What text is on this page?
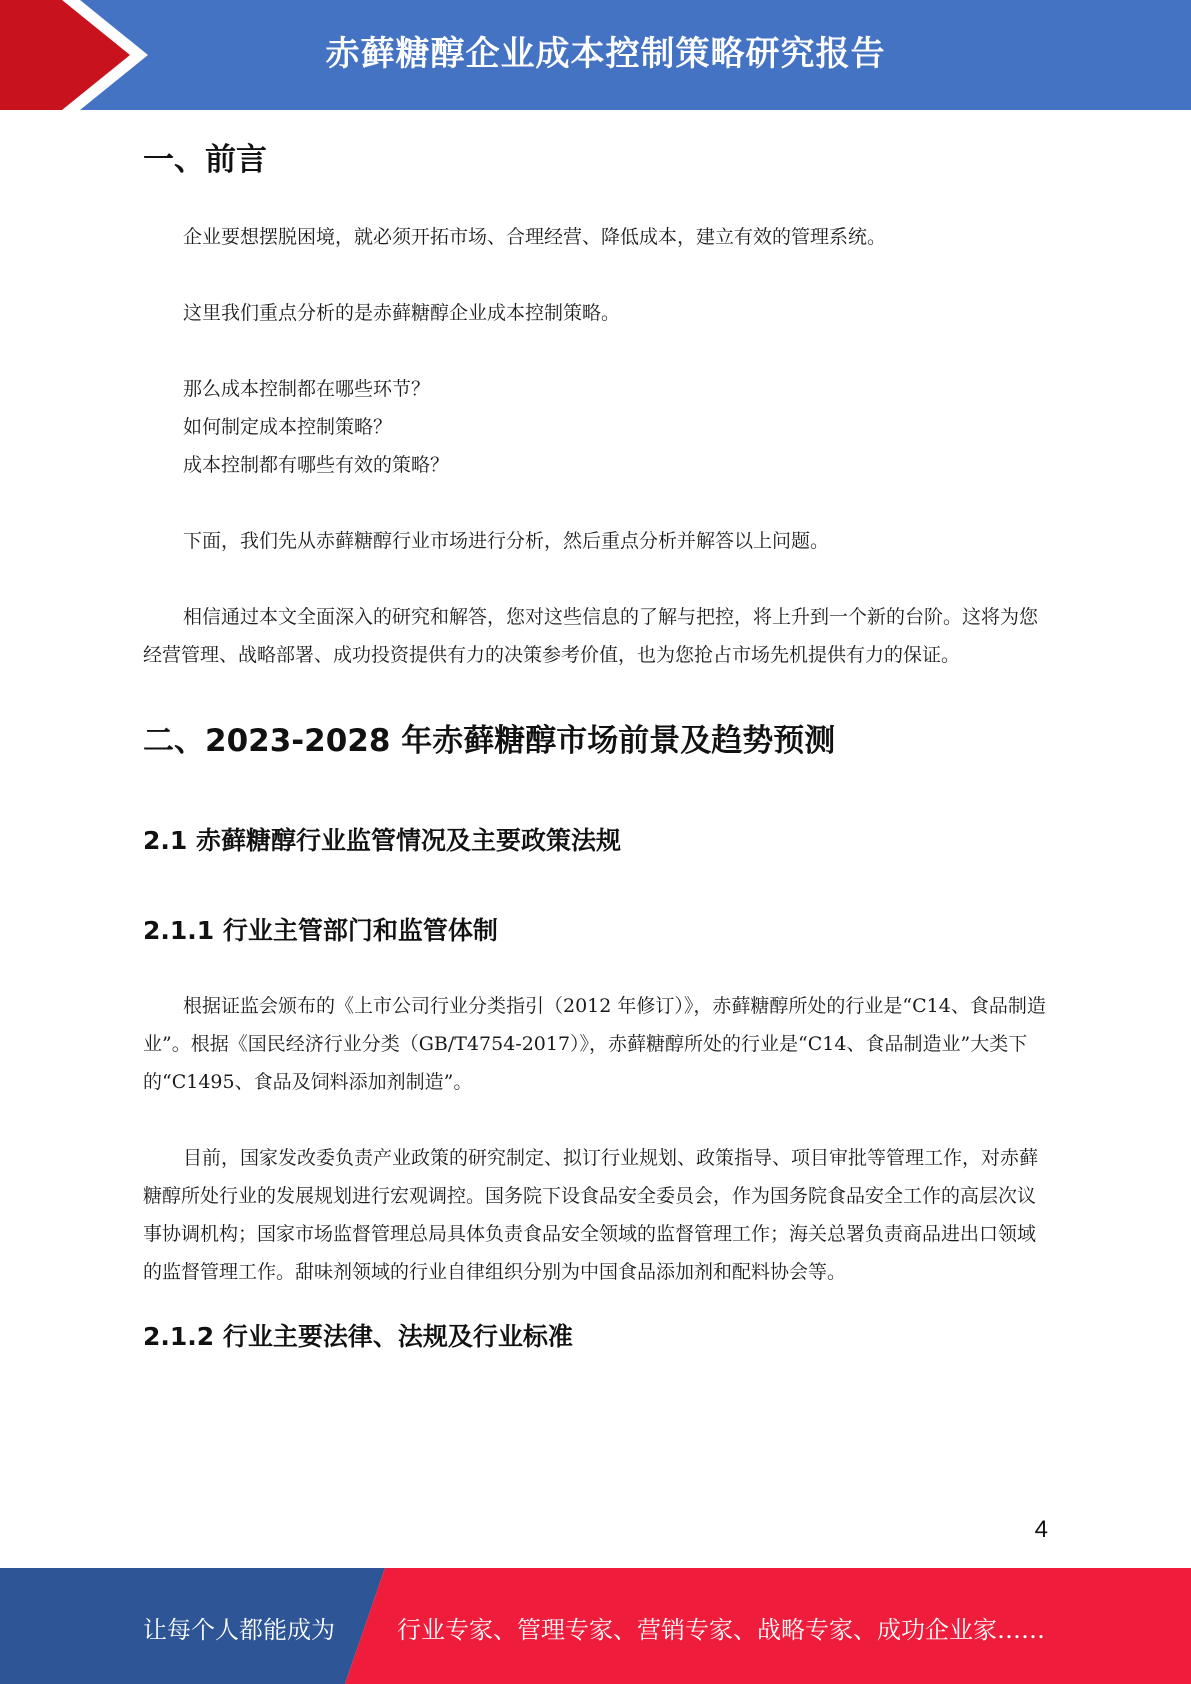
赤藓糖醇企业成本控制策略研究报告
一、前言

企业要想摆脱困境，就必须开拓市场、合理经营、降低成本，建立有效的管理系统。

这里我们重点分析的是赤藓糖醇企业成本控制策略。

那么成本控制都在哪些环节？

如何制定成本控制策略？

成本控制都有哪些有效的策略？

下面，我们先从赤藓糖醇行业市场进行分析，然后重点分析并解答以上问题。

相信通过本文全面深入的研究和解答，您对这些信息的了解与把控，将上升到一个新的台阶。这将为您经营管理、战略部署、成功投资提供有力的决策参考价值，也为您抢占市场先机提供有力的保证。

二、2023-2028 年赤藓糖醇市场前景及趋势预测
2.1 赤藓糖醇行业监管情况及主要政策法规
2.1.1 行业主管部门和监管体制

根据证监会颁布的《上市公司行业分类指引（2012 年修订）》，赤藓糖醇所处的行业是“C14、食品制造业”。根据《国民经济行业分类（GB/T4754-2017）》，赤藓糖醇所处的行业是“C14、食品制造业”大类下的“C1495、食品及饲料添加剂制造”。

目前，国家发改委负责产业政策的研究制定、拟订行业规划、政策指导、项目审批等管理工作，对赤藓糖醇所处行业的发展规划进行宏观调控。国务院下设食品安全委员会，作为国务院食品安全工作的高层次议事协调机构；国家市场监督管理总局具体负责食品安全领域的监督管理工作；海关总署负责商品进出口领域的监督管理工作。甜味剂领域的行业自律组织分别为中国食品添加剂和配料协会等。

2.1.2 行业主要法律、法规及行业标准
4
让每个人都能成为	行业专家、管理专家、营销专家、战略专家、成功企业家……
